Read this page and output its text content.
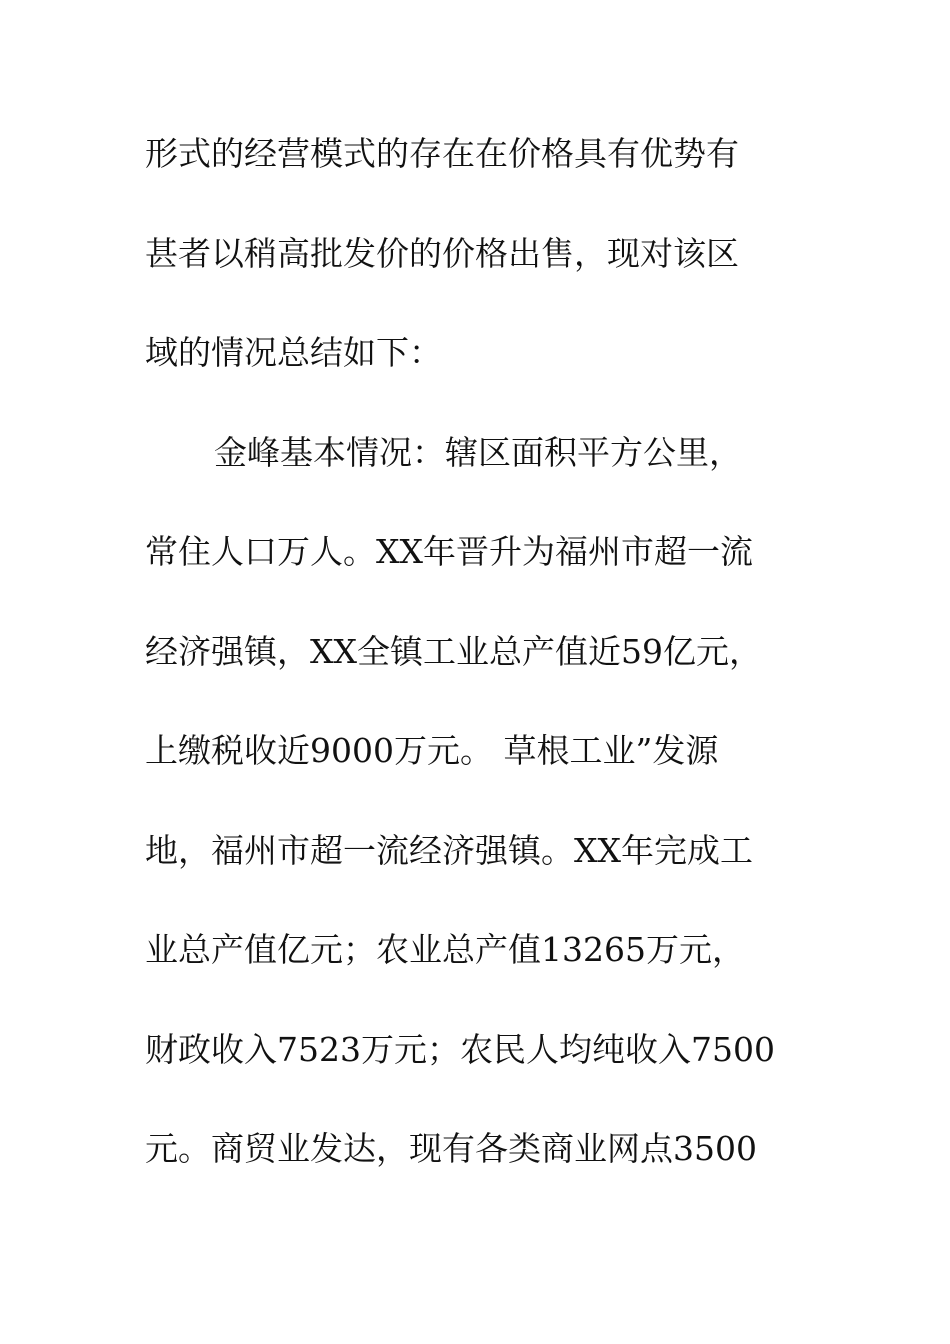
形式的经营模式的存在在价格具有优势有
甚者以稍高批发价的价格出售，现对该区
域的情况总结如下：
金峰基本情况：辖区面积平方公里，
常住人口万人。XX年晋升为福州市超一流
经济强镇，XX全镇工业总产值近59亿元，
上缴税收近9000万元。 草根工业”发源
地，福州市超一流经济强镇。XX年完成工
业总产值亿元；农业总产值13265万元，
财政收入7523万元；农民人均纯收入7500
元。商贸业发达，现有各类商业网点3500
